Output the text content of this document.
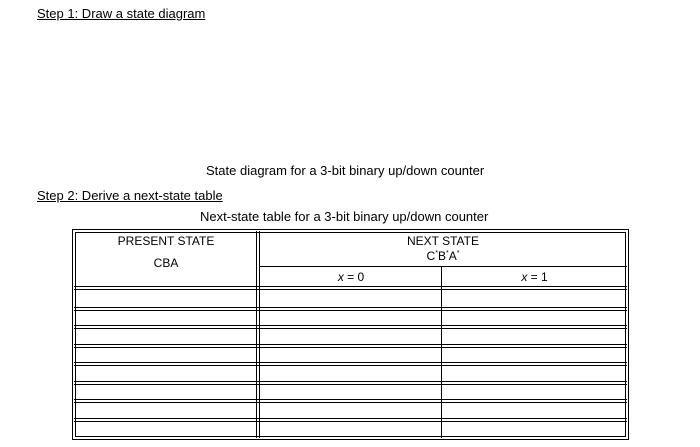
Step 1: Draw a state diagram
State diagram for a 3-bit binary up/down counter
Step 2: Derive a next-state table
Next-state table for a 3-bit binary up/down counter
PRESENT STATE
CBA
NEXT STATE
C*B*A*
x = 0	x = 1
